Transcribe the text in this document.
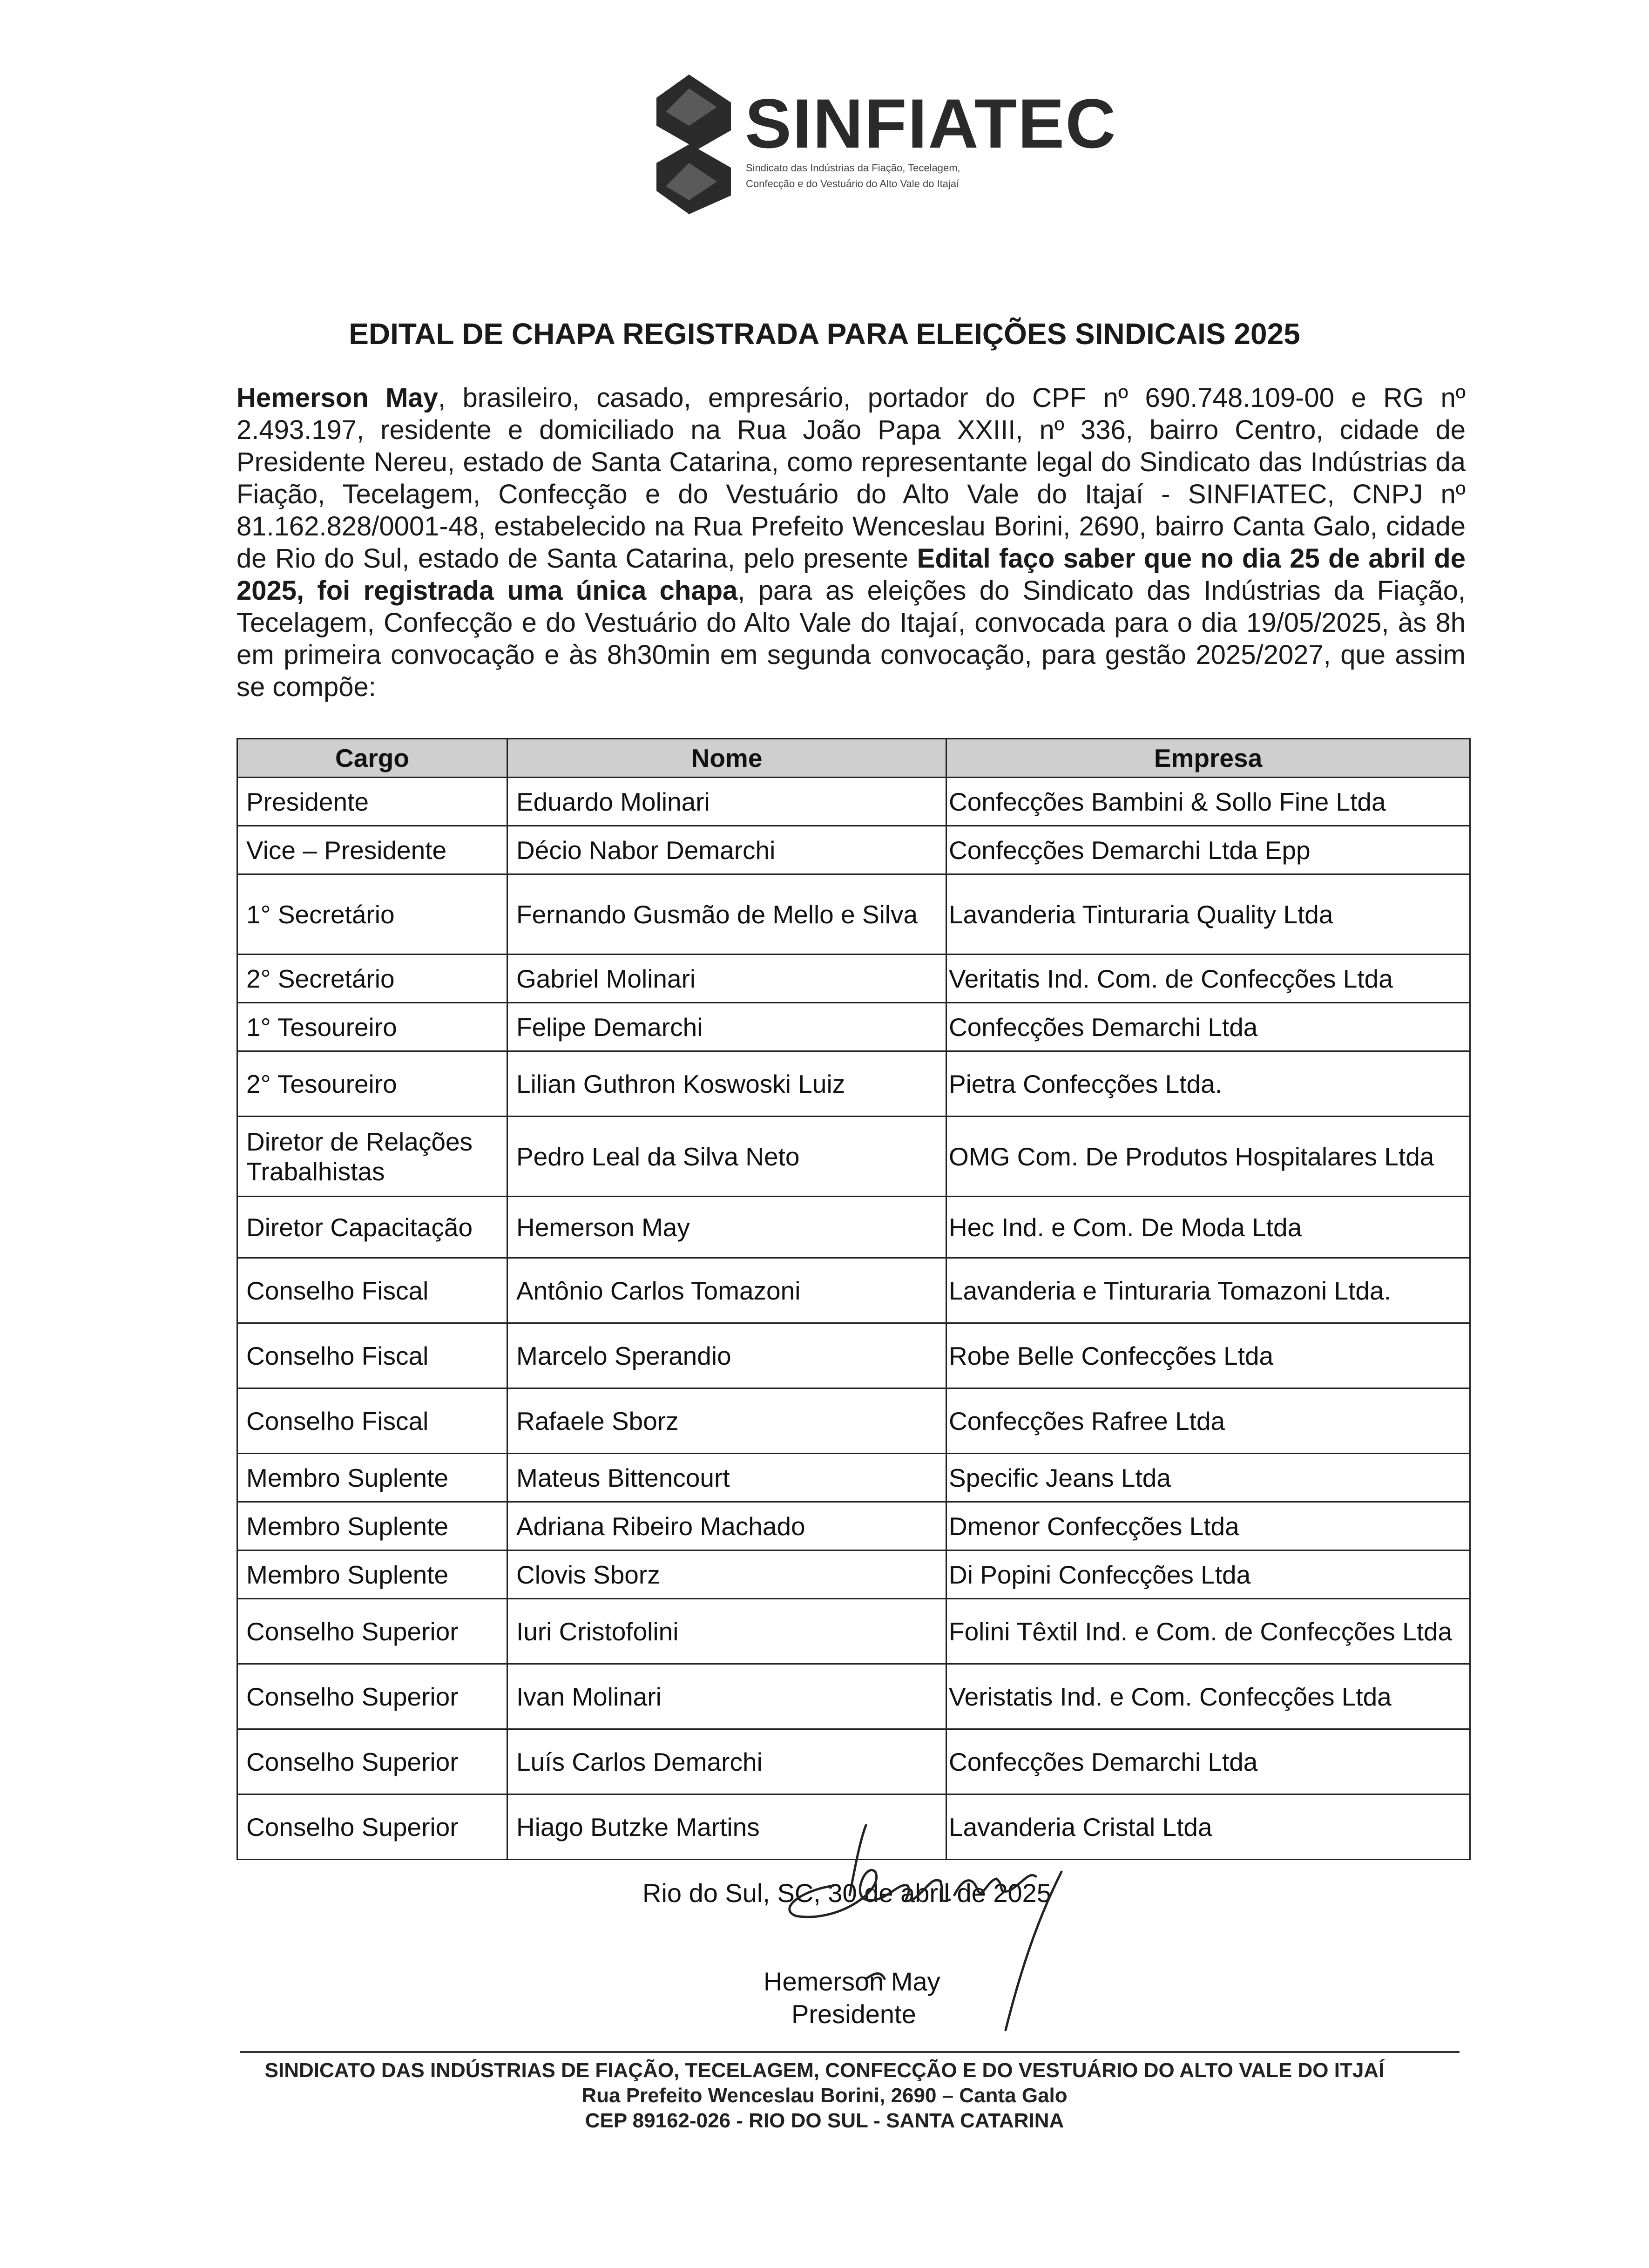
SINFIATEC
Sindicato das Indústrias da Fiação, Tecelagem,
Confecção e do Vestuário do Alto Vale do Itajaí
EDITAL DE CHAPA REGISTRADA PARA ELEIÇÕES SINDICAIS 2025
Hemerson May, brasileiro, casado, empresário, portador do CPF nº 690.748.109-00 e RG nº 2.493.197, residente e domiciliado na Rua João Papa XXIII, nº 336, bairro Centro, cidade de Presidente Nereu, estado de Santa Catarina, como representante legal do Sindicato das Indústrias da Fiação, Tecelagem, Confecção e do Vestuário do Alto Vale do Itajaí - SINFIATEC, CNPJ nº 81.162.828/0001-48, estabelecido na Rua Prefeito Wenceslau Borini, 2690, bairro Canta Galo, cidade de Rio do Sul, estado de Santa Catarina, pelo presente Edital faço saber que no dia 25 de abril de 2025, foi registrada uma única chapa, para as eleições do Sindicato das Indústrias da Fiação, Tecelagem, Confecção e do Vestuário do Alto Vale do Itajaí, convocada para o dia 19/05/2025, às 8h em primeira convocação e às 8h30min em segunda convocação, para gestão 2025/2027, que assim se compõe:
Cargo	Nome	Empresa
Presidente	Eduardo Molinari	Confecções Bambini & Sollo Fine Ltda
Vice – Presidente	Décio Nabor Demarchi	Confecções Demarchi Ltda Epp
1° Secretário	Fernando Gusmão de Mello e Silva	Lavanderia Tinturaria Quality Ltda
2° Secretário	Gabriel Molinari	Veritatis Ind. Com. de Confecções Ltda
1° Tesoureiro	Felipe Demarchi	Confecções Demarchi Ltda
2° Tesoureiro	Lilian Guthron Koswoski Luiz	Pietra Confecções Ltda.
Diretor de Relações Trabalhistas	Pedro Leal da Silva Neto	OMG Com. De Produtos Hospitalares Ltda
Diretor Capacitação	Hemerson May	Hec Ind. e Com. De Moda Ltda
Conselho Fiscal	Antônio Carlos Tomazoni	Lavanderia e Tinturaria Tomazoni Ltda.
Conselho Fiscal	Marcelo Sperandio	Robe Belle Confecções Ltda
Conselho Fiscal	Rafaele Sborz	Confecções Rafree Ltda
Membro Suplente	Mateus Bittencourt	Specific Jeans Ltda
Membro Suplente	Adriana Ribeiro Machado	Dmenor Confecções Ltda
Membro Suplente	Clovis Sborz	Di Popini Confecções Ltda
Conselho Superior	Iuri Cristofolini	Folini Têxtil Ind. e Com. de Confecções Ltda
Conselho Superior	Ivan Molinari	Veristatis Ind. e Com. Confecções Ltda
Conselho Superior	Luís Carlos Demarchi	Confecções Demarchi Ltda
Conselho Superior	Hiago Butzke Martins	Lavanderia Cristal Ltda
Rio do Sul, SC, 30 de abril de 2025
Hemerson May
Presidente
SINDICATO DAS INDÚSTRIAS DE FIAÇÃO, TECELAGEM, CONFECÇÃO E DO VESTUÁRIO DO ALTO VALE DO ITJAÍ
Rua Prefeito Wenceslau Borini, 2690 – Canta Galo
CEP 89162-026 - RIO DO SUL - SANTA CATARINA
